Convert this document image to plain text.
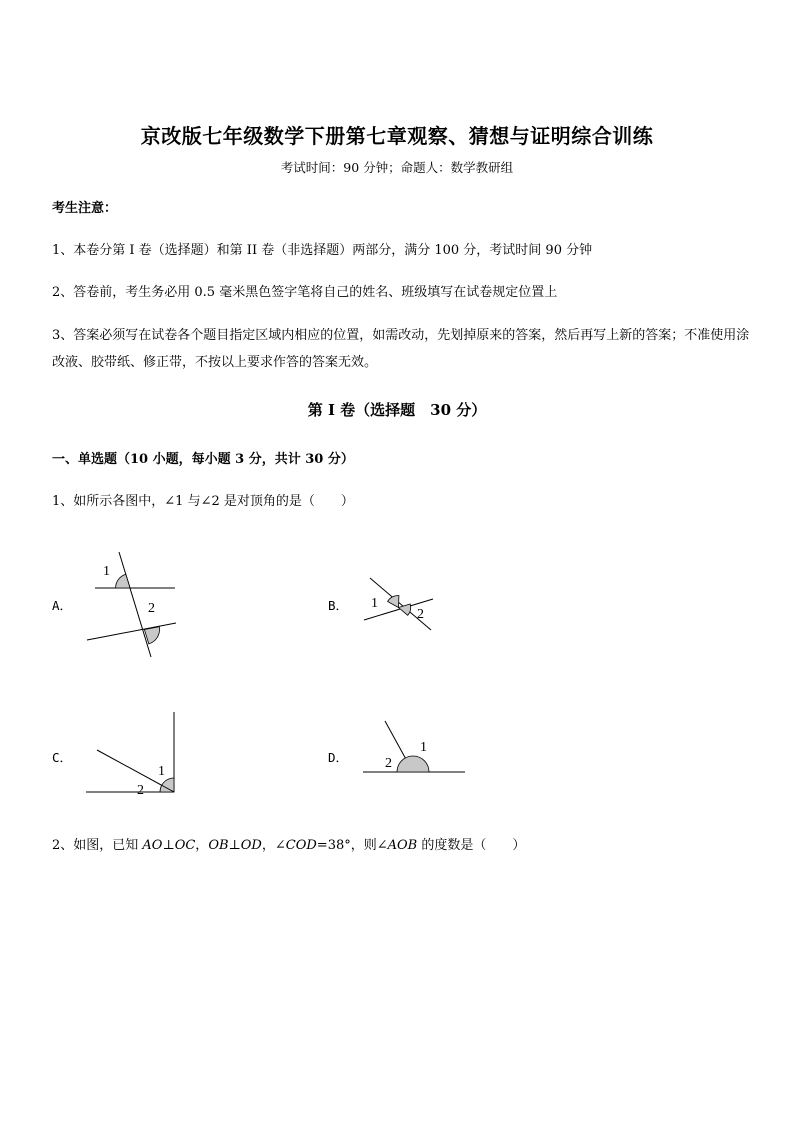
京改版七年级数学下册第七章观察、猜想与证明综合训练
考试时间：90 分钟；命题人：数学教研组
考生注意：
1、本卷分第 I 卷（选择题）和第 II 卷（非选择题）两部分，满分 100 分，考试时间 90 分钟
2、答卷前，考生务必用 0.5 毫米黑色签字笔将自己的姓名、班级填写在试卷规定位置上
3、答案必须写在试卷各个题目指定区域内相应的位置，如需改动，先划掉原来的答案，然后再写上新的答案；不准使用涂改液、胶带纸、修正带，不按以上要求作答的答案无效。
第 I 卷（选择题　30 分）
一、单选题（10 小题，每小题 3 分，共计 30 分）
1、如所示各图中，∠1 与∠2 是对顶角的是（　　）
A．
1
2	B． 1
2
C．
1
2
D．
1
2
2、如图，已知 AO⊥OC，OB⊥OD，∠COD=38°，则∠AOB 的度数是（　　）
